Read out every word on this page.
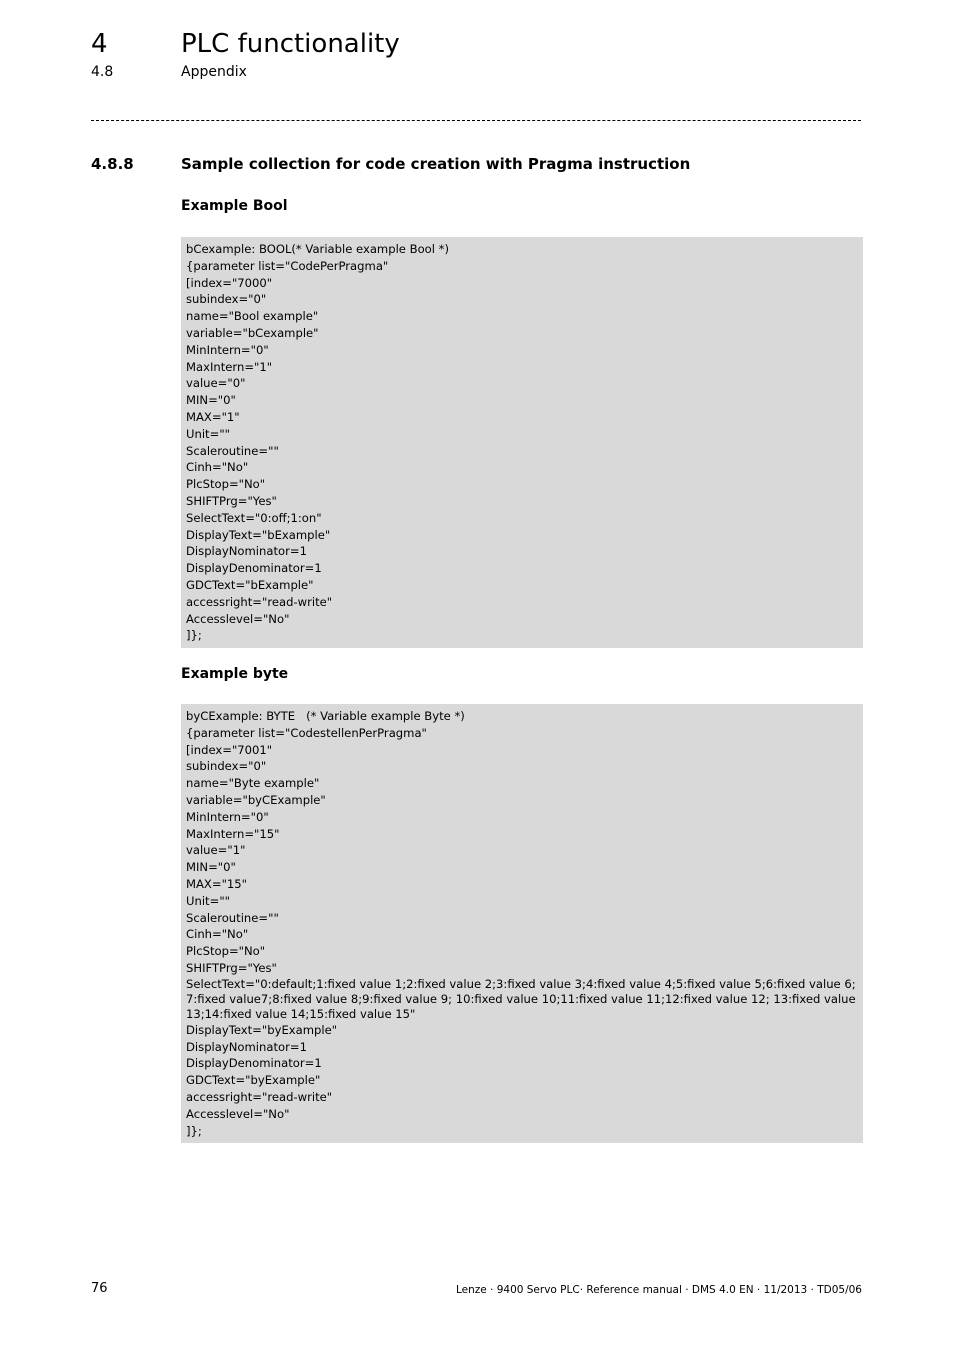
4	PLC functionality
4.8	Appendix
4.8.8	Sample collection for code creation with Pragma instruction
Example Bool
bCexample: BOOL(* Variable example Bool *)
{parameter list="CodePerPragma"
[index="7000"
subindex="0"
name="Bool example"
variable="bCexample"
MinIntern="0"
MaxIntern="1"
value="0"
MIN="0"
MAX="1"
Unit=""
Scaleroutine=""
Cinh="No"
PlcStop="No"
SHIFTPrg="Yes"
SelectText="0:off;1:on"
DisplayText="bExample"
DisplayNominator=1
DisplayDenominator=1
GDCText="bExample"
accessright="read-write"
Accesslevel="No"
]};
Example byte
byCExample: BYTE   (* Variable example Byte *)
{parameter list="CodestellenPerPragma"
[index="7001"
subindex="0"
name="Byte example"
variable="byCExample"
MinIntern="0"
MaxIntern="15"
value="1"
MIN="0"
MAX="15"
Unit=""
Scaleroutine=""
Cinh="No"
PlcStop="No"
SHIFTPrg="Yes"
SelectText="0:default;1:fixed value 1;2:fixed value 2;3:fixed value 3;4:fixed value 4;5:fixed value 5;6:fixed value 6; 7:fixed value7;8:fixed value 8;9:fixed value 9; 10:fixed value 10;11:fixed value 11;12:fixed value 12; 13:fixed value 13;14:fixed value 14;15:fixed value 15"
DisplayText="byExample"
DisplayNominator=1
DisplayDenominator=1
GDCText="byExample"
accessright="read-write"
Accesslevel="No"
]};
76	Lenze · 9400 Servo PLC· Reference manual · DMS 4.0 EN · 11/2013 · TD05/06
